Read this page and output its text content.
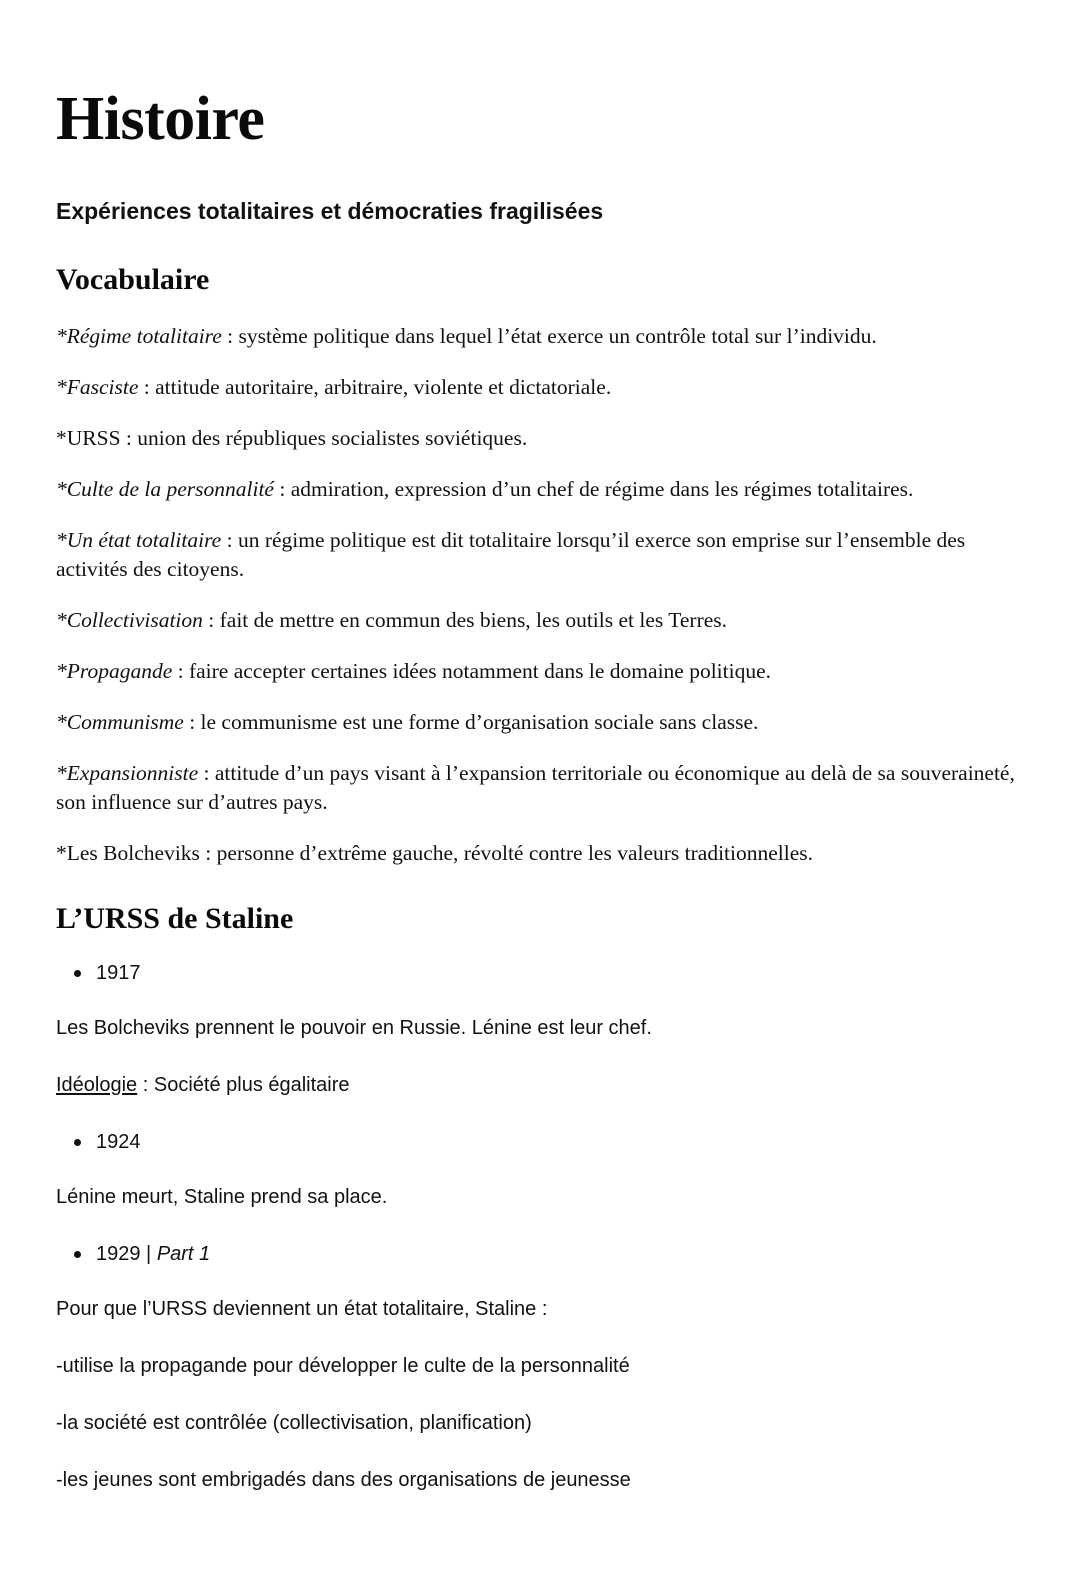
Histoire
Expériences totalitaires et démocraties fragilisées
Vocabulaire

*Régime totalitaire : système politique dans lequel l’état exerce un contrôle total sur l’individu.

*Fasciste : attitude autoritaire, arbitraire, violente et dictatoriale.

*URSS : union des républiques socialistes soviétiques.

*Culte de la personnalité : admiration, expression d’un chef de régime dans les régimes totalitaires.

*Un état totalitaire : un régime politique est dit totalitaire lorsqu’il exerce son emprise sur l’ensemble des activités des citoyens.

*Collectivisation : fait de mettre en commun des biens, les outils et les Terres.

*Propagande : faire accepter certaines idées notamment dans le domaine politique.

*Communisme : le communisme est une forme d’organisation sociale sans classe.

*Expansionniste : attitude d’un pays visant à l’expansion territoriale ou économique au delà de sa souveraineté, son influence sur d’autres pays.

*Les Bolcheviks : personne d’extrême gauche, révolté contre les valeurs traditionnelles.

L’URSS de Staline

1917

Les Bolcheviks prennent le pouvoir en Russie. Lénine est leur chef.

Idéologie : Société plus égalitaire

1924

Lénine meurt, Staline prend sa place.

1929 | Part 1

Pour que l’URSS deviennent un état totalitaire, Staline :

-utilise la propagande pour développer le culte de la personnalité

-la société est contrôlée (collectivisation, planification)

-les jeunes sont embrigadés dans des organisations de jeunesse
